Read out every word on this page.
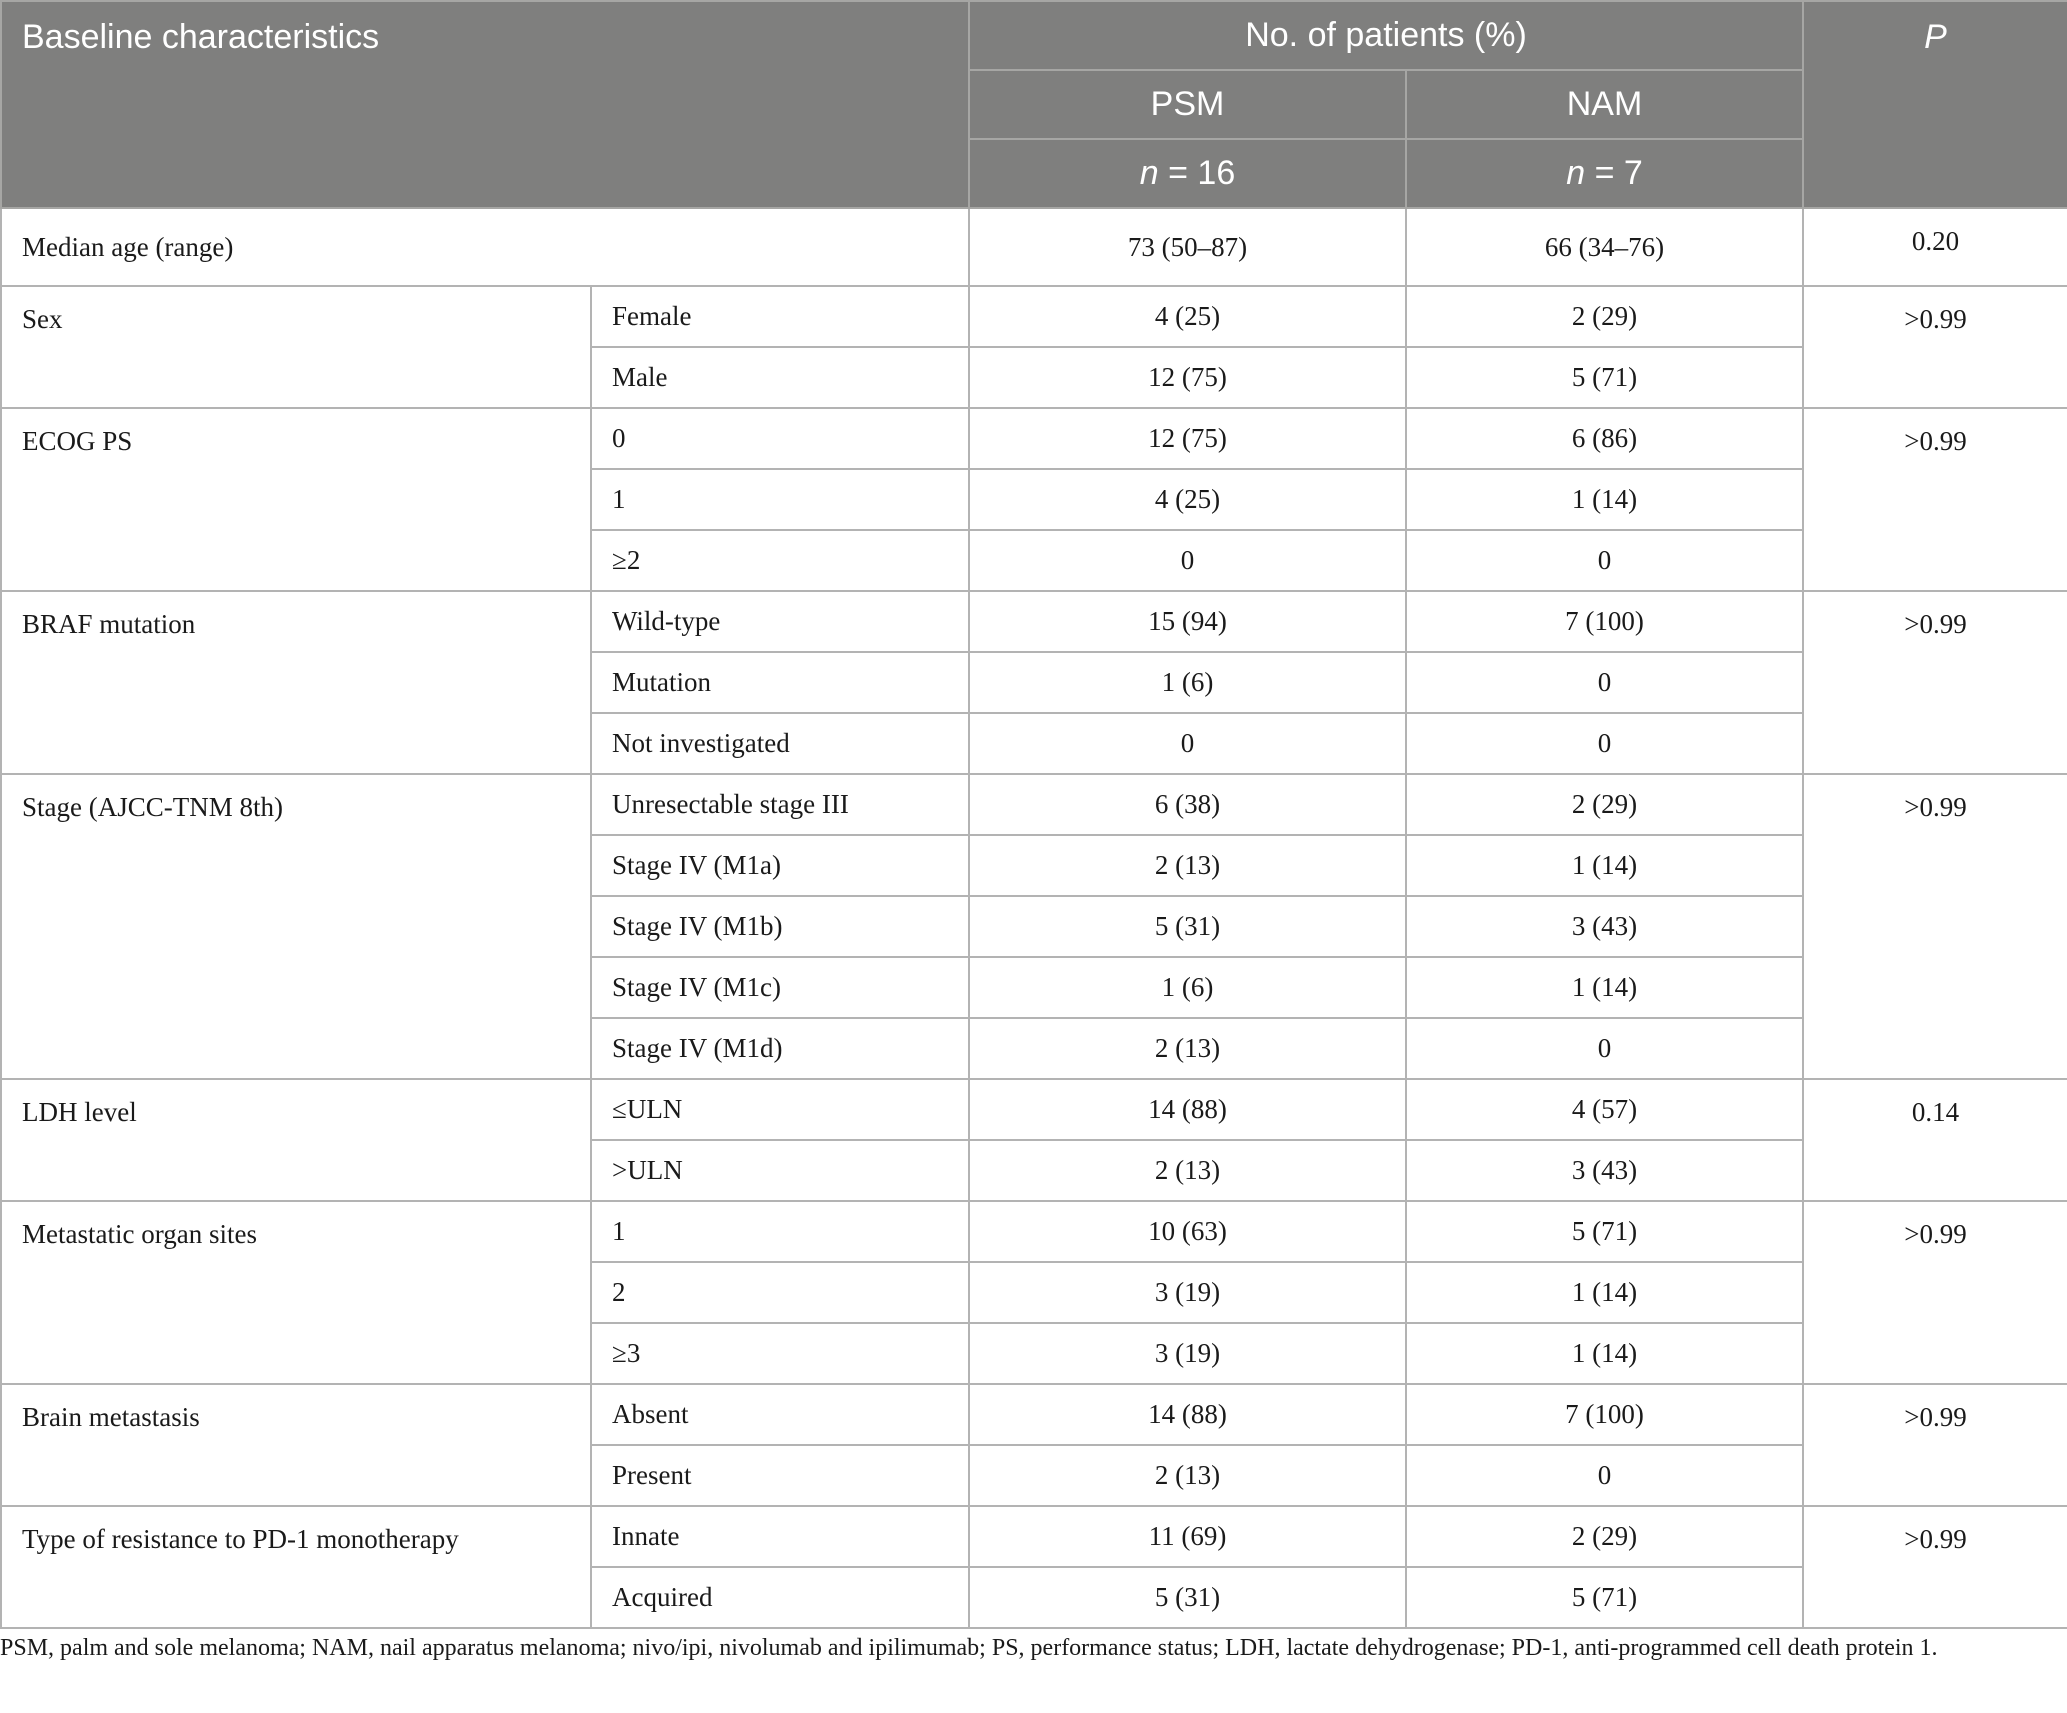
Baseline characteristics		No. of patients (%)		P
		PSM	NAM	
		n = 16	n = 7	
Median age (range)		73 (50–87)	66 (34–76)	0.20
Sex	Female	4 (25)	2 (29)	>0.99
	Male	12 (75)	5 (71)	
ECOG PS	0	12 (75)	6 (86)	>0.99
	1	4 (25)	1 (14)	
	≥2	0	0	
BRAF mutation	Wild-type	15 (94)	7 (100)	>0.99
	Mutation	1 (6)	0	
	Not investigated	0	0	
Stage (AJCC-TNM 8th)	Unresectable stage III	6 (38)	2 (29)	>0.99
	Stage IV (M1a)	2 (13)	1 (14)	
	Stage IV (M1b)	5 (31)	3 (43)	
	Stage IV (M1c)	1 (6)	1 (14)	
	Stage IV (M1d)	2 (13)	0	
LDH level	≤ULN	14 (88)	4 (57)	0.14
	>ULN	2 (13)	3 (43)	
Metastatic organ sites	1	10 (63)	5 (71)	>0.99
	2	3 (19)	1 (14)	
	≥3	3 (19)	1 (14)	
Brain metastasis	Absent	14 (88)	7 (100)	>0.99
	Present	2 (13)	0	
Type of resistance to PD-1 monotherapy	Innate	11 (69)	2 (29)	>0.99
	Acquired	5 (31)	5 (71)	
PSM, palm and sole melanoma; NAM, nail apparatus melanoma; nivo/ipi, nivolumab and ipilimumab; PS, performance status; LDH, lactate dehydrogenase; PD-1, anti-programmed cell death protein 1.
